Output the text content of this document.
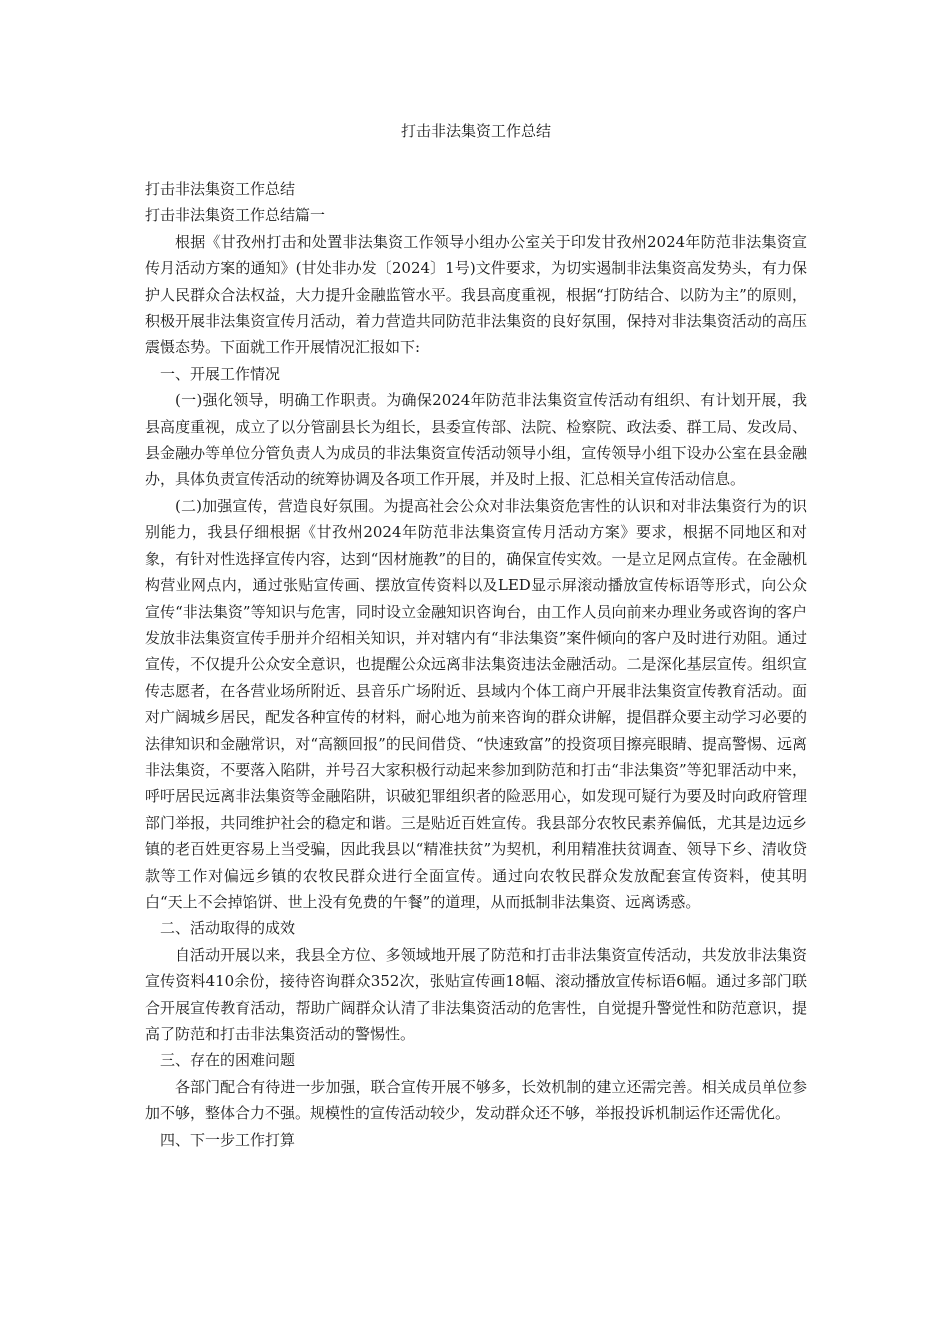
打击非法集资工作总结

打击非法集资工作总结

打击非法集资工作总结篇一

根据《甘孜州打击和处置非法集资工作领导小组办公室关于印发甘孜州2024年防范非法集资宣传月活动方案的通知》(甘处非办发〔2024〕1号)文件要求，为切实遏制非法集资高发势头，有力保护人民群众合法权益，大力提升金融监管水平。我县高度重视，根据“打防结合、以防为主”的原则，积极开展非法集资宣传月活动，着力营造共同防范非法集资的良好氛围，保持对非法集资活动的高压震慑态势。下面就工作开展情况汇报如下:

一、开展工作情况

(一)强化领导，明确工作职责。为确保2024年防范非法集资宣传活动有组织、有计划开展，我县高度重视，成立了以分管副县长为组长，县委宣传部、法院、检察院、政法委、群工局、发改局、县金融办等单位分管负责人为成员的非法集资宣传活动领导小组，宣传领导小组下设办公室在县金融办，具体负责宣传活动的统筹协调及各项工作开展，并及时上报、汇总相关宣传活动信息。

(二)加强宣传，营造良好氛围。为提高社会公众对非法集资危害性的认识和对非法集资行为的识别能力，我县仔细根据《甘孜州2024年防范非法集资宣传月活动方案》要求，根据不同地区和对象，有针对性选择宣传内容，达到“因材施教”的目的，确保宣传实效。一是立足网点宣传。在金融机构营业网点内，通过张贴宣传画、摆放宣传资料以及LED显示屏滚动播放宣传标语等形式，向公众宣传“非法集资”等知识与危害，同时设立金融知识咨询台，由工作人员向前来办理业务或咨询的客户发放非法集资宣传手册并介绍相关知识，并对辖内有“非法集资”案件倾向的客户及时进行劝阻。通过宣传，不仅提升公众安全意识，也提醒公众远离非法集资违法金融活动。二是深化基层宣传。组织宣传志愿者，在各营业场所附近、县音乐广场附近、县域内个体工商户开展非法集资宣传教育活动。面对广阔城乡居民，配发各种宣传的材料，耐心地为前来咨询的群众讲解，提倡群众要主动学习必要的法律知识和金融常识，对“高额回报”的民间借贷、“快速致富”的投资项目擦亮眼睛、提高警惕、远离非法集资，不要落入陷阱，并号召大家积极行动起来参加到防范和打击“非法集资”等犯罪活动中来，呼吁居民远离非法集资等金融陷阱，识破犯罪组织者的险恶用心，如发现可疑行为要及时向政府管理部门举报，共同维护社会的稳定和谐。三是贴近百姓宣传。我县部分农牧民素养偏低，尤其是边远乡镇的老百姓更容易上当受骗，因此我县以“精准扶贫”为契机，利用精准扶贫调查、领导下乡、清收贷款等工作对偏远乡镇的农牧民群众进行全面宣传。通过向农牧民群众发放配套宣传资料，使其明白“天上不会掉馅饼、世上没有免费的午餐”的道理，从而抵制非法集资、远离诱惑。

二、活动取得的成效

自活动开展以来，我县全方位、多领域地开展了防范和打击非法集资宣传活动，共发放非法集资宣传资料410余份，接待咨询群众352次，张贴宣传画18幅、滚动播放宣传标语6幅。通过多部门联合开展宣传教育活动，帮助广阔群众认清了非法集资活动的危害性，自觉提升警觉性和防范意识，提高了防范和打击非法集资活动的警惕性。

三、存在的困难问题

各部门配合有待进一步加强，联合宣传开展不够多，长效机制的建立还需完善。相关成员单位参加不够，整体合力不强。规模性的宣传活动较少，发动群众还不够，举报投诉机制运作还需优化。

四、下一步工作打算
